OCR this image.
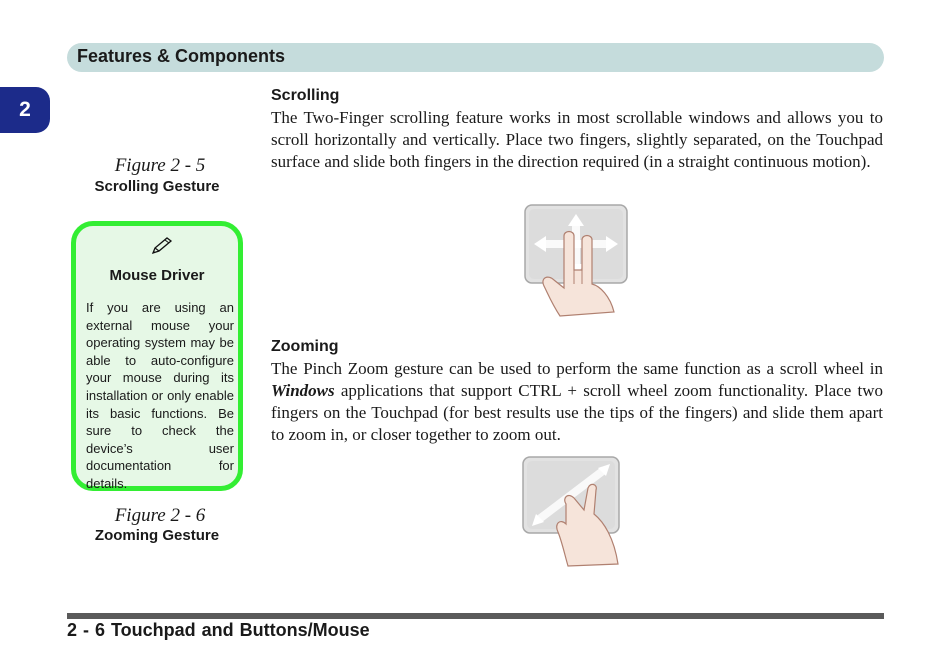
Features & Components
2
Figure 2 - 5
Scrolling Gesture
Mouse Driver
If you are using an external mouse your operating system may be able to auto-configure your mouse during its installation or only enable its basic functions. Be sure to check the device’s user documentation for details.
Figure 2 - 6
Zooming Gesture
Scrolling
The Two-Finger scrolling feature works in most scrollable windows and allows you to scroll horizontally and vertically. Place two fingers, slightly separated, on the Touchpad surface and slide both fingers in the direction required (in a straight continuous motion).
Zooming
The Pinch Zoom gesture can be used to perform the same function as a scroll wheel in Windows applications that support CTRL + scroll wheel zoom functionality. Place two fingers on the Touchpad (for best results use the tips of the fingers) and slide them apart to zoom in, or closer together to zoom out.
2 - 6 Touchpad and Buttons/Mouse
